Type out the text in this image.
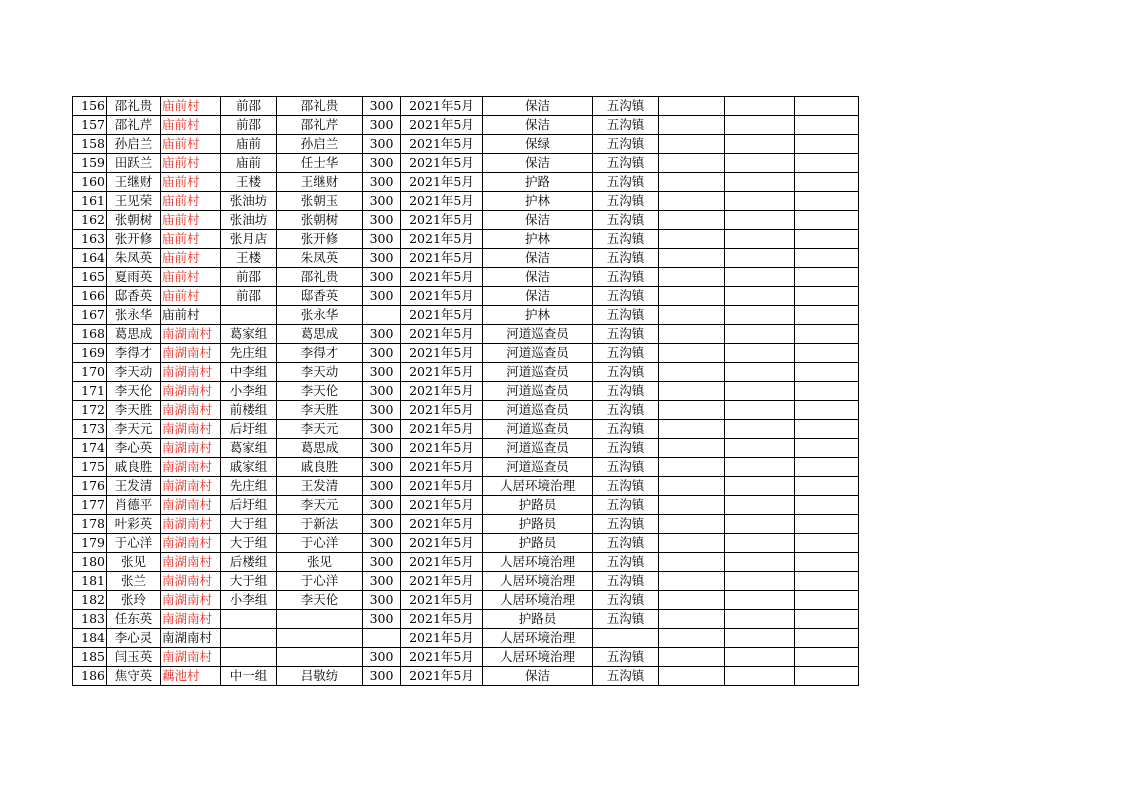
156	邵礼贵	庙前村	前邵	邵礼贵	300	2021年5月	保洁	五沟镇			
157	邵礼芹	庙前村	前邵	邵礼芹	300	2021年5月	保洁	五沟镇			
158	孙启兰	庙前村	庙前	孙启兰	300	2021年5月	保绿	五沟镇			
159	田跃兰	庙前村	庙前	任士华	300	2021年5月	保洁	五沟镇			
160	王继财	庙前村	王楼	王继财	300	2021年5月	护路	五沟镇			
161	王见荣	庙前村	张油坊	张朝玉	300	2021年5月	护林	五沟镇			
162	张朝树	庙前村	张油坊	张朝树	300	2021年5月	保洁	五沟镇			
163	张开修	庙前村	张月店	张开修	300	2021年5月	护林	五沟镇			
164	朱凤英	庙前村	王楼	朱凤英	300	2021年5月	保洁	五沟镇			
165	夏雨英	庙前村	前邵	邵礼贵	300	2021年5月	保洁	五沟镇			
166	邸香英	庙前村	前邵	邸香英	300	2021年5月	保洁	五沟镇			
167	张永华	庙前村		张永华		2021年5月	护林	五沟镇			
168	葛思成	南湖南村	葛家组	葛思成	300	2021年5月	河道巡查员	五沟镇			
169	李得才	南湖南村	先庄组	李得才	300	2021年5月	河道巡查员	五沟镇			
170	李天动	南湖南村	中李组	李天动	300	2021年5月	河道巡查员	五沟镇			
171	李天伦	南湖南村	小李组	李天伦	300	2021年5月	河道巡查员	五沟镇			
172	李天胜	南湖南村	前楼组	李天胜	300	2021年5月	河道巡查员	五沟镇			
173	李天元	南湖南村	后圩组	李天元	300	2021年5月	河道巡查员	五沟镇			
174	李心英	南湖南村	葛家组	葛思成	300	2021年5月	河道巡查员	五沟镇			
175	戚良胜	南湖南村	戚家组	戚良胜	300	2021年5月	河道巡查员	五沟镇			
176	王发清	南湖南村	先庄组	王发清	300	2021年5月	人居环境治理	五沟镇			
177	肖德平	南湖南村	后圩组	李天元	300	2021年5月	护路员	五沟镇			
178	叶彩英	南湖南村	大于组	于新法	300	2021年5月	护路员	五沟镇			
179	于心洋	南湖南村	大于组	于心洋	300	2021年5月	护路员	五沟镇			
180	张见	南湖南村	后楼组	张见	300	2021年5月	人居环境治理	五沟镇			
181	张兰	南湖南村	大于组	于心洋	300	2021年5月	人居环境治理	五沟镇			
182	张玲	南湖南村	小李组	李天伦	300	2021年5月	人居环境治理	五沟镇			
183	任东英	南湖南村			300	2021年5月	护路员	五沟镇			
184	李心灵	南湖南村				2021年5月	人居环境治理				
185	闫玉英	南湖南村			300	2021年5月	人居环境治理	五沟镇			
186	焦守英	藕池村	中一组	吕敬纺	300	2021年5月	保洁	五沟镇			
